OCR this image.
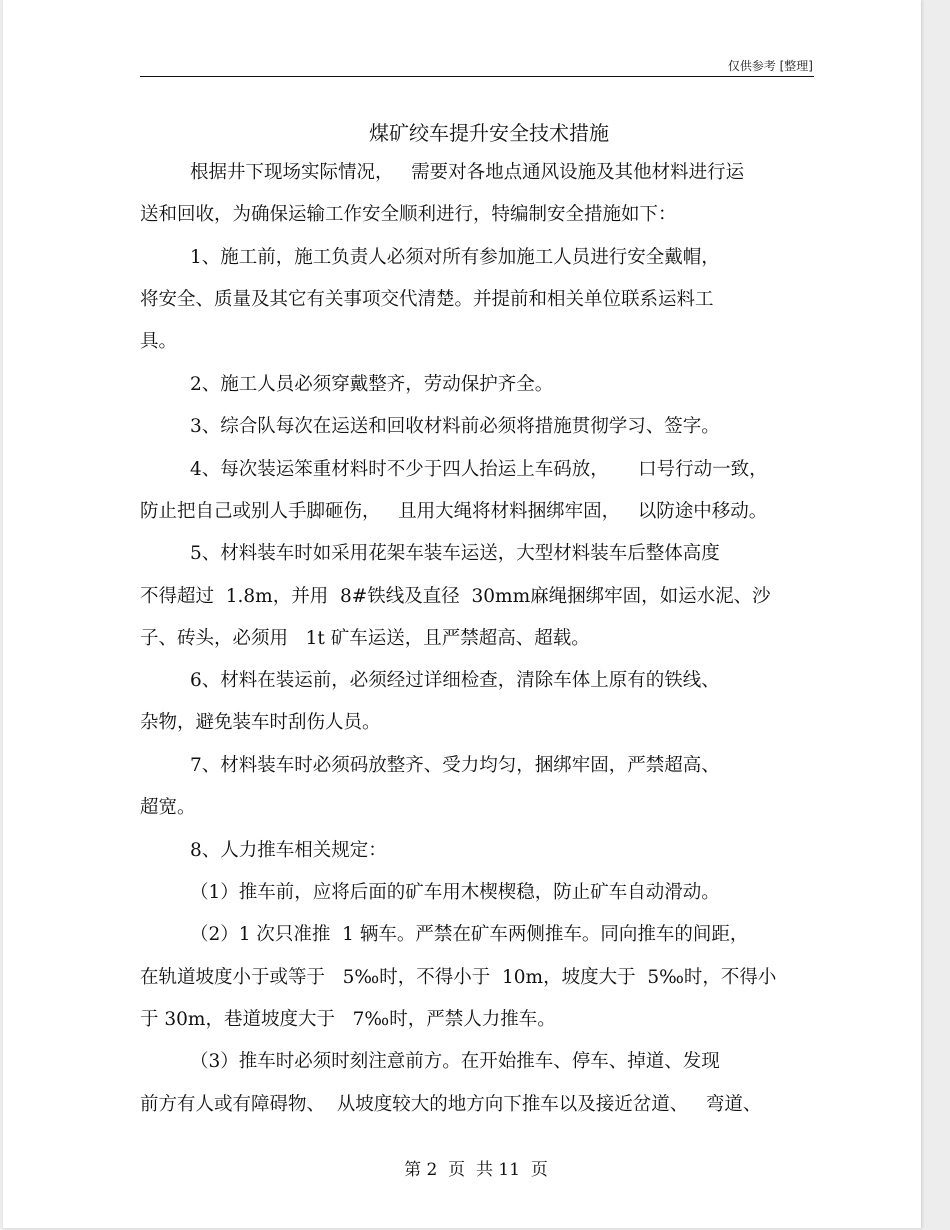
仅供参考 [整理]
煤矿绞车提升安全技术措施
根据井下现场实际情况，   需要对各地点通风设施及其他材料进行运
送和回收，为确保运输工作安全顺利进行，特编制安全措施如下：
1、施工前，施工负责人必须对所有参加施工人员进行安全戴帽，
将安全、质量及其它有关事项交代清楚。并提前和相关单位联系运料工
具。
2、施工人员必须穿戴整齐，劳动保护齐全。
3、综合队每次在运送和回收材料前必须将措施贯彻学习、签字。
4、每次装运笨重材料时不少于四人抬运上车码放，     口号行动一致，
防止把自己或别人手脚砸伤，   且用大绳将材料捆绑牢固，   以防途中移动。
5、材料装车时如采用花架车装车运送，大型材料装车后整体高度
不得超过  1.8m，并用  8#铁线及直径  30mm麻绳捆绑牢固，如运水泥、沙
子、砖头，必须用   1t 矿车运送，且严禁超高、超载。
6、材料在装运前，必须经过详细检查，清除车体上原有的铁线、
杂物，避免装车时刮伤人员。
7、材料装车时必须码放整齐、受力均匀，捆绑牢固，严禁超高、
超宽。
8、人力推车相关规定：
（1）推车前，应将后面的矿车用木楔楔稳，防止矿车自动滑动。
（2）1 次只准推  1 辆车。严禁在矿车两侧推车。同向推车的间距，
在轨道坡度小于或等于   5‰时，不得小于  10m，坡度大于  5‰时，不得小
于 30m，巷道坡度大于   7‰时，严禁人力推车。
（3）推车时必须时刻注意前方。在开始推车、停车、掉道、发现
前方有人或有障碍物、  从坡度较大的地方向下推车以及接近岔道、   弯道、
第 2  页  共 11  页
